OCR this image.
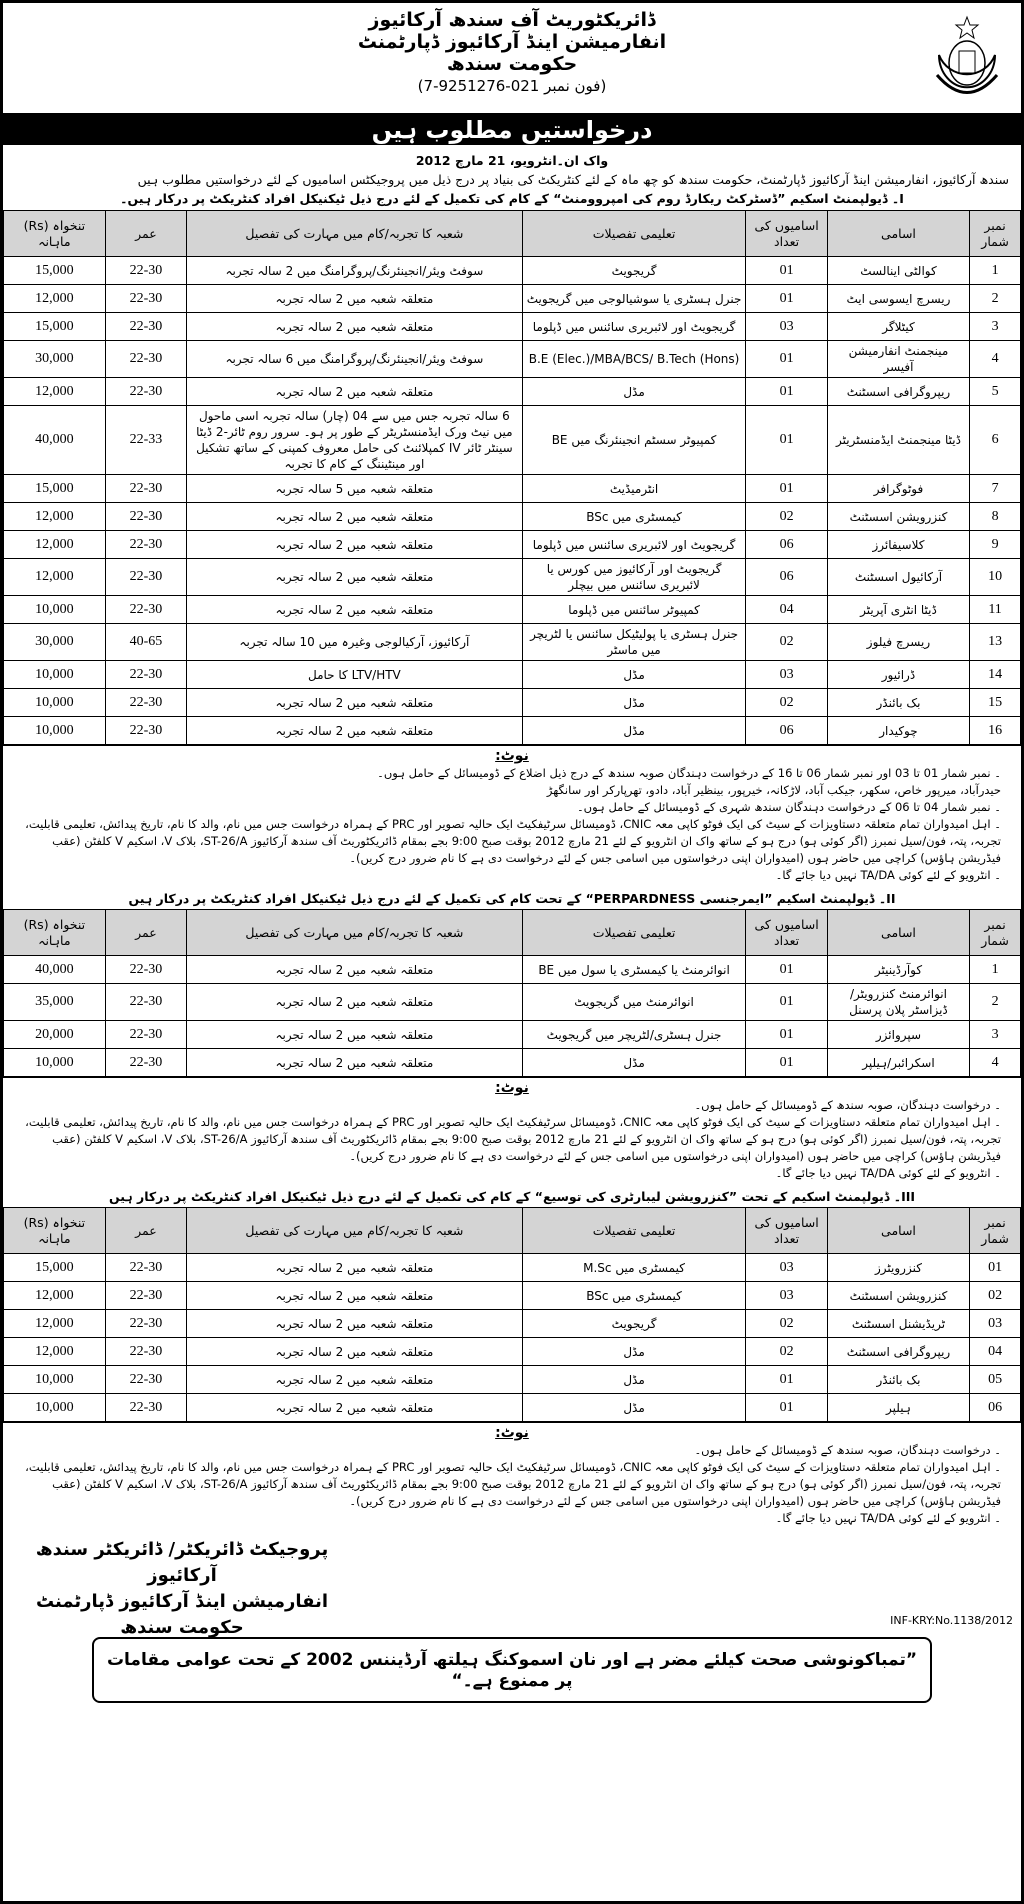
ڈائریکٹوریٹ آف سندھ آرکائیوز
انفارمیشن اینڈ آرکائیوز ڈپارٹمنٹ
حکومت سندھ
(فون نمبر 021-9251276-7)
درخواستیں مطلوب ہیں
واک ان۔انٹرویو، 21 مارچ 2012
سندھ آرکائیوز، انفارمیشن اینڈ آرکائیوز ڈپارٹمنٹ، حکومت سندھ کو چھ ماہ کے لئے کنٹریکٹ کی بنیاد پر درج ذیل میں پروجیکٹس اسامیوں کے لئے درخواستیں مطلوب ہیں
I۔ ڈیولپمنٹ اسکیم ”ڈسٹرکٹ ریکارڈ روم کی امپروومنٹ“ کے کام کی تکمیل کے لئے درج ذیل ٹیکنیکل افراد کنٹریکٹ پر درکار ہیں۔
نمبر شمار	اسامی	اسامیوں کی تعداد	تعلیمی تفصیلات	شعبہ کا تجربہ/کام میں مہارت کی تفصیل	عمر	تنخواہ (Rs) ماہانہ
1	کوالٹی اینالسٹ	01	گریجویٹ	سوفٹ ویئر/انجینئرنگ/پروگرامنگ میں 2 سالہ تجربہ	22-30	15,000
2	ریسرچ ایسوسی ایٹ	01	جنرل ہسٹری یا سوشیالوجی میں گریجویٹ	متعلقہ شعبہ میں 2 سالہ تجربہ	22-30	12,000
3	کیٹلاگر	03	گریجویٹ اور لائبریری سائنس میں ڈپلوما	متعلقہ شعبہ میں 2 سالہ تجربہ	22-30	15,000
4	مینجمنٹ انفارمیشن آفیسر	01	B.E (Elec.)/MBA/BCS/ B.Tech (Hons)	سوفٹ ویئر/انجینئرنگ/پروگرامنگ میں 6 سالہ تجربہ	22-30	30,000
5	ریپروگرافی اسسٹنٹ	01	مڈل	متعلقہ شعبہ میں 2 سالہ تجربہ	22-30	12,000
6	ڈیٹا مینجمنٹ ایڈمنسٹریٹر	01	کمپیوٹر سسٹم انجینئرنگ میں BE	6 سالہ تجربہ جس میں سے 04 (چار) سالہ تجربہ اسی ماحول میں نیٹ ورک ایڈمنسٹریٹر کے طور پر ہو۔ سرور روم ٹائر-2 ڈیٹا سینٹر ٹائر IV کمپلائنٹ کی حامل معروف کمپنی کے ساتھ تشکیل اور مینٹیننگ کے کام کا تجربہ	22-33	40,000
7	فوٹوگرافر	01	انٹرمیڈیٹ	متعلقہ شعبہ میں 5 سالہ تجربہ	22-30	15,000
8	کنزرویشن اسسٹنٹ	02	کیمسٹری میں BSc	متعلقہ شعبہ میں 2 سالہ تجربہ	22-30	12,000
9	کلاسیفائرز	06	گریجویٹ اور لائبریری سائنس میں ڈپلوما	متعلقہ شعبہ میں 2 سالہ تجربہ	22-30	12,000
10	آرکائیول اسسٹنٹ	06	گریجویٹ اور آرکائیوز میں کورس یا لائبریری سائنس میں بیچلر	متعلقہ شعبہ میں 2 سالہ تجربہ	22-30	12,000
11	ڈیٹا انٹری آپریٹر	04	کمپیوٹر سائنس میں ڈپلوما	متعلقہ شعبہ میں 2 سالہ تجربہ	22-30	10,000
13	ریسرچ فیلوز	02	جنرل ہسٹری یا پولیٹیکل سائنس یا لٹریچر میں ماسٹر	آرکائیوز، آرکیالوجی وغیرہ میں 10 سالہ تجربہ	40-65	30,000
14	ڈرائیور	03	مڈل	LTV/HTV کا حامل	22-30	10,000
15	بک بائنڈر	02	مڈل	متعلقہ شعبہ میں 2 سالہ تجربہ	22-30	10,000
16	چوکیدار	06	مڈل	متعلقہ شعبہ میں 2 سالہ تجربہ	22-30	10,000
نوٹ:
۔ نمبر شمار 01 تا 03 اور نمبر شمار 06 تا 16 کے درخواست دہندگان صوبہ سندھ کے درج ذیل اضلاع کے ڈومیسائل کے حامل ہوں۔
حیدرآباد، میرپور خاص، سکھر، جیکب آباد، لاڑکانہ، خیرپور، بینظیر آباد، دادو، تھرپارکر اور سانگھڑ
۔ نمبر شمار 04 تا 06 کے درخواست دہندگان سندھ شہری کے ڈومیسائل کے حامل ہوں۔
۔ اہل امیدواران تمام متعلقہ دستاویزات کے سیٹ کی ایک فوٹو کاپی معہ CNIC، ڈومیسائل سرٹیفکیٹ ایک حالیہ تصویر اور PRC کے ہمراہ درخواست جس میں نام، والد کا نام، تاریخ پیدائش، تعلیمی قابلیت، تجربہ، پتہ، فون/سیل نمبرز (اگر کوئی ہو) درج ہو کے ساتھ واک ان انٹرویو کے لئے 21 مارچ 2012 بوقت صبح 9:00 بجے بمقام ڈائریکٹوریٹ آف سندھ آرکائیوز ST-26/A، بلاک V، اسکیم V کلفٹن (عقب فیڈریشن ہاؤس) کراچی میں حاضر ہوں (امیدواران اپنی درخواستوں میں اسامی جس کے لئے درخواست دی ہے کا نام ضرور درج کریں)۔
۔ انٹرویو کے لئے کوئی TA/DA نہیں دیا جائے گا۔
II۔ ڈیولپمنٹ اسکیم ”ایمرجنسی PERPARDNESS“ کے تحت کام کی تکمیل کے لئے درج ذیل ٹیکنیکل افراد کنٹریکٹ پر درکار ہیں
نمبر شمار	اسامی	اسامیوں کی تعداد	تعلیمی تفصیلات	شعبہ کا تجربہ/کام میں مہارت کی تفصیل	عمر	تنخواہ (Rs) ماہانہ
1	کوآرڈینیٹر	01	انوائرمنٹ یا کیمسٹری یا سول میں BE	متعلقہ شعبہ میں 2 سالہ تجربہ	22-30	40,000
2	انوائرمنٹ کنزرویٹر/ ڈیزاسٹر پلان پرسنل	01	انوائرمنٹ میں گریجویٹ	متعلقہ شعبہ میں 2 سالہ تجربہ	22-30	35,000
3	سپروائزر	01	جنرل ہسٹری/لٹریچر میں گریجویٹ	متعلقہ شعبہ میں 2 سالہ تجربہ	22-30	20,000
4	اسکرائبر/ہیلپر	01	مڈل	متعلقہ شعبہ میں 2 سالہ تجربہ	22-30	10,000
نوٹ:
۔ درخواست دہندگان، صوبہ سندھ کے ڈومیسائل کے حامل ہوں۔
۔ اہل امیدواران تمام متعلقہ دستاویزات کے سیٹ کی ایک فوٹو کاپی معہ CNIC، ڈومیسائل سرٹیفکیٹ ایک حالیہ تصویر اور PRC کے ہمراہ درخواست جس میں نام، والد کا نام، تاریخ پیدائش، تعلیمی قابلیت، تجربہ، پتہ، فون/سیل نمبرز (اگر کوئی ہو) درج ہو کے ساتھ واک ان انٹرویو کے لئے 21 مارچ 2012 بوقت صبح 9:00 بجے بمقام ڈائریکٹوریٹ آف سندھ آرکائیوز ST-26/A، بلاک V، اسکیم V کلفٹن (عقب فیڈریشن ہاؤس) کراچی میں حاضر ہوں (امیدواران اپنی درخواستوں میں اسامی جس کے لئے درخواست دی ہے کا نام ضرور درج کریں)۔
۔ انٹرویو کے لئے کوئی TA/DA نہیں دیا جائے گا۔
III۔ ڈیولپمنٹ اسکیم کے تحت ”کنزرویشن لیبارٹری کی توسیع“ کے کام کی تکمیل کے لئے درج ذیل ٹیکنیکل افراد کنٹریکٹ پر درکار ہیں
نمبر شمار	اسامی	اسامیوں کی تعداد	تعلیمی تفصیلات	شعبہ کا تجربہ/کام میں مہارت کی تفصیل	عمر	تنخواہ (Rs) ماہانہ
01	کنزرویٹرز	03	کیمسٹری میں M.Sc	متعلقہ شعبہ میں 2 سالہ تجربہ	22-30	15,000
02	کنزرویشن اسسٹنٹ	03	کیمسٹری میں BSc	متعلقہ شعبہ میں 2 سالہ تجربہ	22-30	12,000
03	ٹریڈیشنل اسسٹنٹ	02	گریجویٹ	متعلقہ شعبہ میں 2 سالہ تجربہ	22-30	12,000
04	ریپروگرافی اسسٹنٹ	02	مڈل	متعلقہ شعبہ میں 2 سالہ تجربہ	22-30	12,000
05	بک بائنڈر	01	مڈل	متعلقہ شعبہ میں 2 سالہ تجربہ	22-30	10,000
06	ہیلپر	01	مڈل	متعلقہ شعبہ میں 2 سالہ تجربہ	22-30	10,000
نوٹ:
۔ درخواست دہندگان، صوبہ سندھ کے ڈومیسائل کے حامل ہوں۔
۔ اہل امیدواران تمام متعلقہ دستاویزات کے سیٹ کی ایک فوٹو کاپی معہ CNIC، ڈومیسائل سرٹیفکیٹ ایک حالیہ تصویر اور PRC کے ہمراہ درخواست جس میں نام، والد کا نام، تاریخ پیدائش، تعلیمی قابلیت، تجربہ، پتہ، فون/سیل نمبرز (اگر کوئی ہو) درج ہو کے ساتھ واک ان انٹرویو کے لئے 21 مارچ 2012 بوقت صبح 9:00 بجے بمقام ڈائریکٹوریٹ آف سندھ آرکائیوز ST-26/A، بلاک V، اسکیم V کلفٹن (عقب فیڈریشن ہاؤس) کراچی میں حاضر ہوں (امیدواران اپنی درخواستوں میں اسامی جس کے لئے درخواست دی ہے کا نام ضرور درج کریں)۔
۔ انٹرویو کے لئے کوئی TA/DA نہیں دیا جائے گا۔
پروجیکٹ ڈائریکٹر/ ڈائریکٹر سندھ آرکائیوز
انفارمیشن اینڈ آرکائیوز ڈپارٹمنٹ
حکومت سندھ	INF-KRY:No.1138/2012
”تمباکونوشی صحت کیلئے مضر ہے اور نان اسموکنگ ہیلتھ آرڈیننس 2002 کے تحت عوامی مقامات پر ممنوع ہے۔“
